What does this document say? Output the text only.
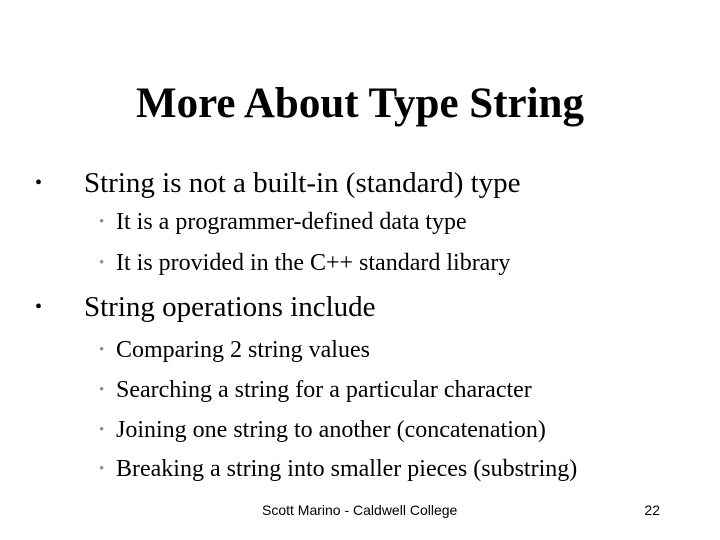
More About Type String
• String is not a built-in (standard) type
• It is a programmer-defined data type
• It is provided in the C++ standard library
• String operations include
• Comparing 2 string values
• Searching a string for a particular character
• Joining one string to another (concatenation)
• Breaking a string into smaller pieces (substring)
Scott Marino - Caldwell College	22
